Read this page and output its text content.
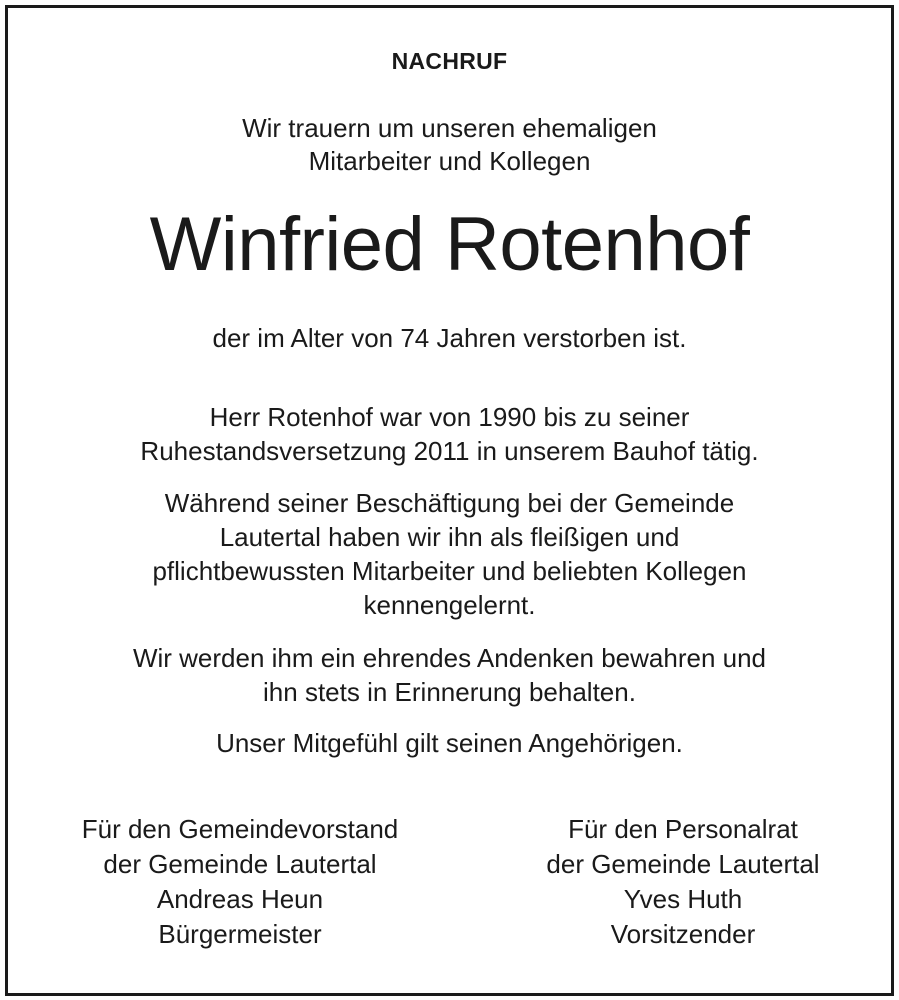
NACHRUF
Wir trauern um unseren ehemaligen
Mitarbeiter und Kollegen
Winfried Rotenhof
der im Alter von 74 Jahren verstorben ist.
Herr Rotenhof war von 1990 bis zu seiner
Ruhestandsversetzung 2011 in unserem Bauhof tätig.
Während seiner Beschäftigung bei der Gemeinde
Lautertal haben wir ihn als fleißigen und
pflichtbewussten Mitarbeiter und beliebten Kollegen
kennengelernt.
Wir werden ihm ein ehrendes Andenken bewahren und
ihn stets in Erinnerung behalten.
Unser Mitgefühl gilt seinen Angehörigen.
Für den Gemeindevorstand
der Gemeinde Lautertal
Andreas Heun
Bürgermeister
Für den Personalrat
der Gemeinde Lautertal
Yves Huth
Vorsitzender
